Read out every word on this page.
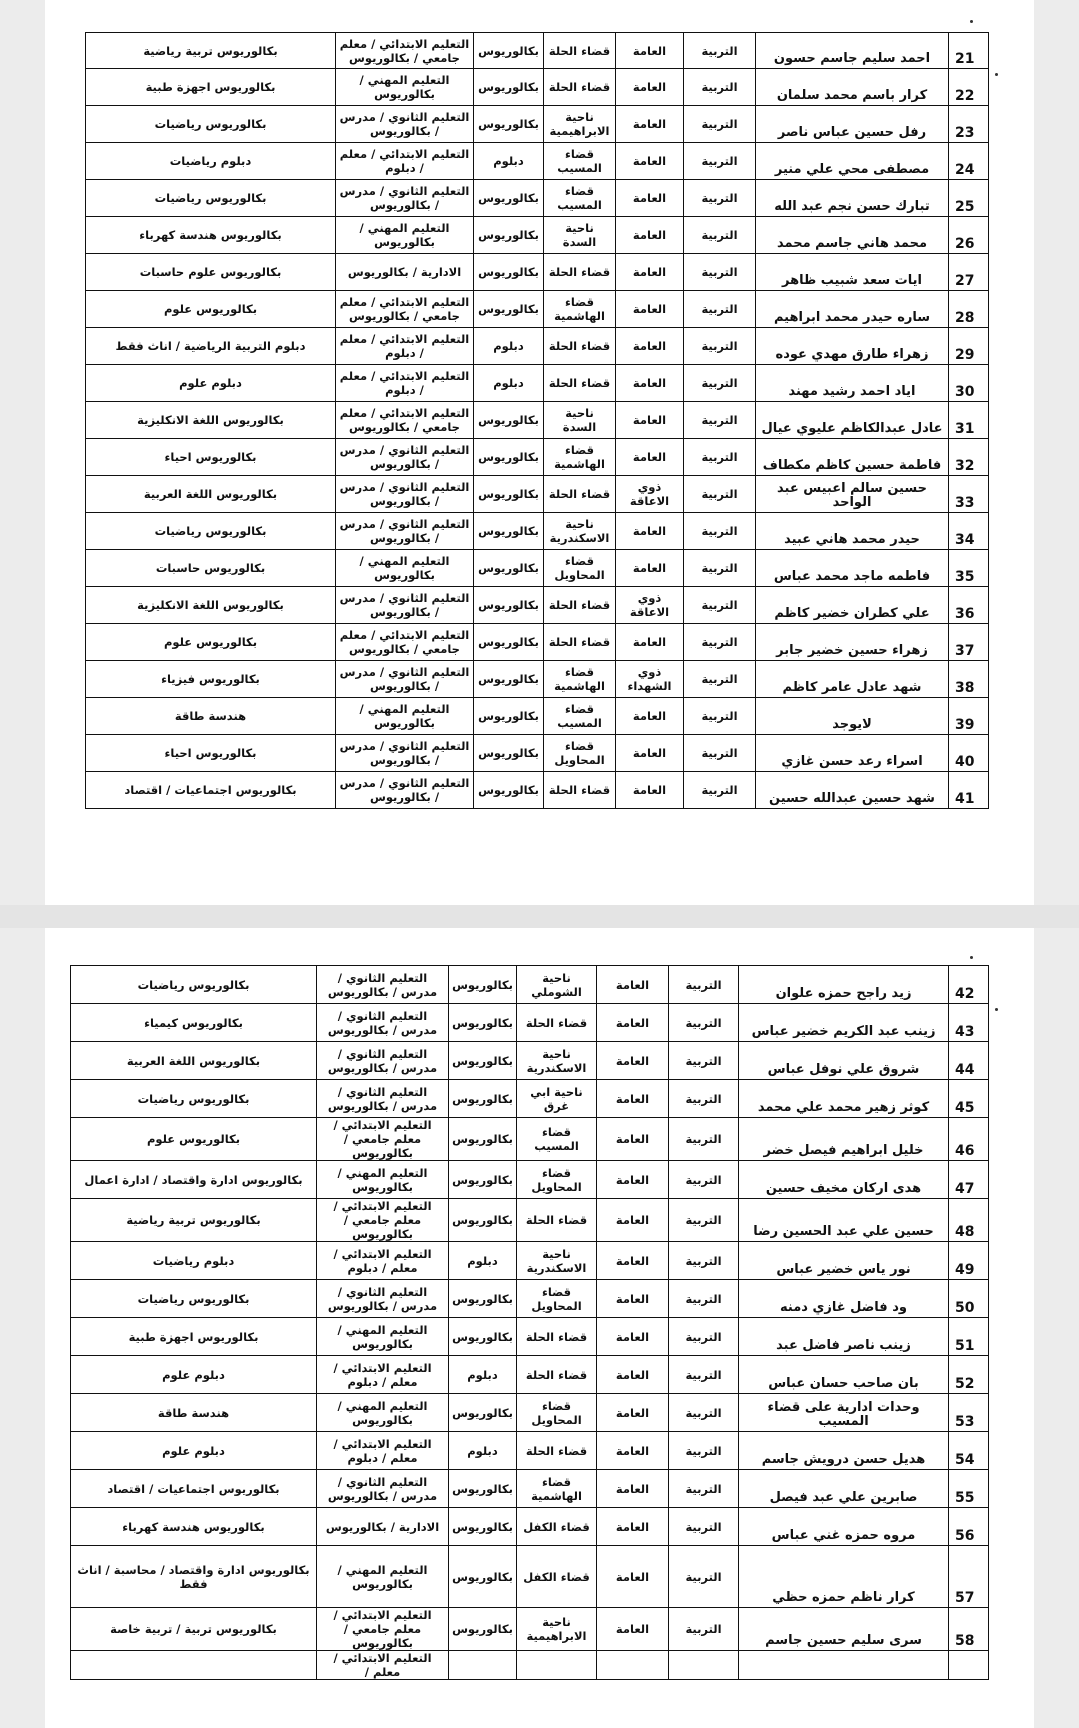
21	احمد سليم جاسم حسون	التربية	العامة	قضاء الحلة	بكالوريوس	التعليم الابتدائي / معلم جامعي / بكالوريوس	بكالوريوس تربية رياضية
22	كرار باسم محمد سلمان	التربية	العامة	قضاء الحلة	بكالوريوس	التعليم المهني / بكالوريوس	بكالوريوس اجهزة طبية
23	رفل حسين عباس ناصر	التربية	العامة	ناحية الابراهيمية	بكالوريوس	التعليم الثانوي / مدرس / بكالوريوس	بكالوريوس رياضيات
24	مصطفى محي علي منير	التربية	العامة	قضاء المسيب	دبلوم	التعليم الابتدائي / معلم / دبلوم	دبلوم رياضيات
25	تبارك حسن نجم عبد الله	التربية	العامة	قضاء المسيب	بكالوريوس	التعليم الثانوي / مدرس / بكالوريوس	بكالوريوس رياضيات
26	محمد هاني جاسم محمد	التربية	العامة	ناحية السدة	بكالوريوس	التعليم المهني / بكالوريوس	بكالوريوس هندسة كهرباء
27	ايات سعد شبيب ظاهر	التربية	العامة	قضاء الحلة	بكالوريوس	الادارية / بكالوريوس	بكالوريوس علوم حاسبات
28	ساره حيدر محمد ابراهيم	التربية	العامة	قضاء الهاشمية	بكالوريوس	التعليم الابتدائي / معلم جامعي / بكالوريوس	بكالوريوس علوم
29	زهراء طارق مهدي عوده	التربية	العامة	قضاء الحلة	دبلوم	التعليم الابتدائي / معلم / دبلوم	دبلوم التربية الرياضية / اناث فقط
30	اياد احمد رشيد مهند	التربية	العامة	قضاء الحلة	دبلوم	التعليم الابتدائي / معلم / دبلوم	دبلوم علوم
31	عادل عبدالكاظم عليوي عيال	التربية	العامة	ناحية السدة	بكالوريوس	التعليم الابتدائي / معلم جامعي / بكالوريوس	بكالوريوس اللغة الانكليزية
32	فاطمة حسين كاظم مكطاف	التربية	العامة	قضاء الهاشمية	بكالوريوس	التعليم الثانوي / مدرس / بكالوريوس	بكالوريوس احياء
33	حسين سالم اعبيس عبد الواحد	التربية	ذوي الاعاقة	قضاء الحلة	بكالوريوس	التعليم الثانوي / مدرس / بكالوريوس	بكالوريوس اللغة العربية
34	حيدر محمد هاني عبيد	التربية	العامة	ناحية الاسكندرية	بكالوريوس	التعليم الثانوي / مدرس / بكالوريوس	بكالوريوس رياضيات
35	فاطمه ماجد محمد عباس	التربية	العامة	قضاء المحاويل	بكالوريوس	التعليم المهني / بكالوريوس	بكالوريوس حاسبات
36	علي كطران خضير كاظم	التربية	ذوي الاعاقة	قضاء الحلة	بكالوريوس	التعليم الثانوي / مدرس / بكالوريوس	بكالوريوس اللغة الانكليزية
37	زهراء حسين خضير جابر	التربية	العامة	قضاء الحلة	بكالوريوس	التعليم الابتدائي / معلم جامعي / بكالوريوس	بكالوريوس علوم
38	شهد عادل عامر كاظم	التربية	ذوي الشهداء	قضاء الهاشمية	بكالوريوس	التعليم الثانوي / مدرس / بكالوريوس	بكالوريوس فيزياء
39	لايوجد	التربية	العامة	قضاء المسيب	بكالوريوس	التعليم المهني / بكالوريوس	هندسة طاقة
40	اسراء رعد حسن غازي	التربية	العامة	قضاء المحاويل	بكالوريوس	التعليم الثانوي / مدرس / بكالوريوس	بكالوريوس احياء
41	شهد حسين عبدالله حسين	التربية	العامة	قضاء الحلة	بكالوريوس	التعليم الثانوي / مدرس / بكالوريوس	بكالوريوس اجتماعيات / اقتصاد
42	زيد راجح حمزه علوان	التربية	العامة	ناحية الشوملي	بكالوريوس	التعليم الثانوي / مدرس / بكالوريوس	بكالوريوس رياضيات
43	زينب عبد الكريم خضير عباس	التربية	العامة	قضاء الحلة	بكالوريوس	التعليم الثانوي / مدرس / بكالوريوس	بكالوريوس كيمياء
44	شروق علي نوفل عباس	التربية	العامة	ناحية الاسكندرية	بكالوريوس	التعليم الثانوي / مدرس / بكالوريوس	بكالوريوس اللغة العربية
45	كوثر زهير محمد علي محمد	التربية	العامة	ناحية ابي غرق	بكالوريوس	التعليم الثانوي / مدرس / بكالوريوس	بكالوريوس رياضيات
46	خليل ابراهيم فيصل خضر	التربية	العامة	قضاء المسيب	بكالوريوس	التعليم الابتدائي / معلم جامعي / بكالوريوس	بكالوريوس علوم
47	هدى اركان مخيف حسين	التربية	العامة	قضاء المحاويل	بكالوريوس	التعليم المهني / بكالوريوس	بكالوريوس ادارة واقتصاد / ادارة اعمال
48	حسين علي عبد الحسين رضا	التربية	العامة	قضاء الحلة	بكالوريوس	التعليم الابتدائي / معلم جامعي / بكالوريوس	بكالوريوس تربية رياضية
49	نور ياس خضير عباس	التربية	العامة	ناحية الاسكندرية	دبلوم	التعليم الابتدائي / معلم / دبلوم	دبلوم رياضيات
50	ود فاضل غازي دمنه	التربية	العامة	قضاء المحاويل	بكالوريوس	التعليم الثانوي / مدرس / بكالوريوس	بكالوريوس رياضيات
51	زينب ناصر فاضل عبد	التربية	العامة	قضاء الحلة	بكالوريوس	التعليم المهني / بكالوريوس	بكالوريوس اجهزة طبية
52	بان صاحب حسان عباس	التربية	العامة	قضاء الحلة	دبلوم	التعليم الابتدائي / معلم / دبلوم	دبلوم علوم
53	وحدات ادارية على قضاء المسيب	التربية	العامة	قضاء المحاويل	بكالوريوس	التعليم المهني / بكالوريوس	هندسة طاقة
54	هديل حسن درويش جاسم	التربية	العامة	قضاء الحلة	دبلوم	التعليم الابتدائي / معلم / دبلوم	دبلوم علوم
55	صابرين علي عبد فيصل	التربية	العامة	قضاء الهاشمية	بكالوريوس	التعليم الثانوي / مدرس / بكالوريوس	بكالوريوس اجتماعيات / اقتصاد
56	مروه حمزه غني عباس	التربية	العامة	قضاء الكفل	بكالوريوس	الادارية / بكالوريوس	بكالوريوس هندسة كهرباء
57	كرار ناظم حمزه حظي	التربية	العامة	قضاء الكفل	بكالوريوس	التعليم المهني / بكالوريوس	بكالوريوس ادارة واقتصاد / محاسبة / اناث فقط
58	سرى سليم حسين جاسم	التربية	العامة	ناحية الابراهيمية	بكالوريوس	التعليم الابتدائي / معلم جامعي / بكالوريوس	بكالوريوس تربية / تربية خاصة
						التعليم الابتدائي / معلم /	
